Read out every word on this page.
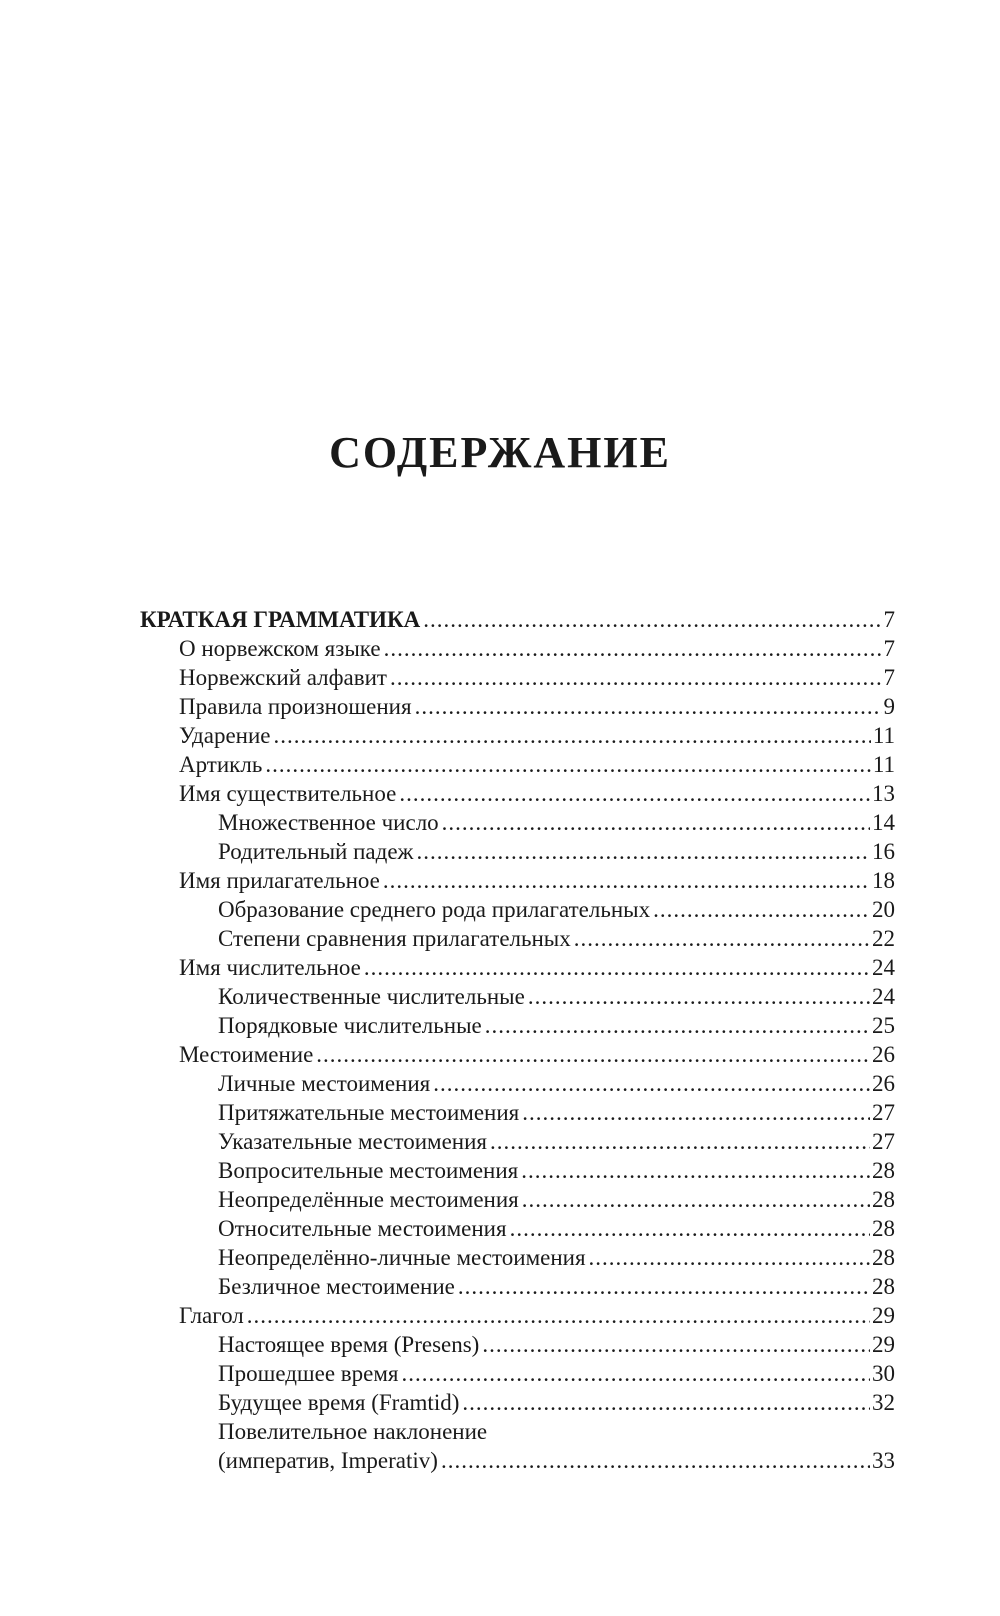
СОДЕРЖАНИЕ
КРАТКАЯ ГРАММАТИКА .....	7
О норвежском языке .....	7
Норвежский алфавит .....	7
Правила произношения .....	9
Ударение .....	11
Артикль .....	11
Имя существительное .....	13
Множественное число .....	14
Родительный падеж .....	16
Имя прилагательное .....	18
Образование среднего рода прилагательных .....	20
Степени сравнения прилагательных .....	22
Имя числительное .....	24
Количественные числительные .....	24
Порядковые числительные .....	25
Местоимение .....	26
Личные местоимения .....	26
Притяжательные местоимения .....	27
Указательные местоимения .....	27
Вопросительные местоимения .....	28
Неопределённые местоимения .....	28
Относительные местоимения .....	28
Неопределённо-личные местоимения .....	28
Безличное местоимение .....	28
Глагол .....	29
Настоящее время (Presens) .....	29
Прошедшее время .....	30
Будущее время (Framtid) .....	32
Повелительное наклонение
(императив, Imperativ) .....	33
